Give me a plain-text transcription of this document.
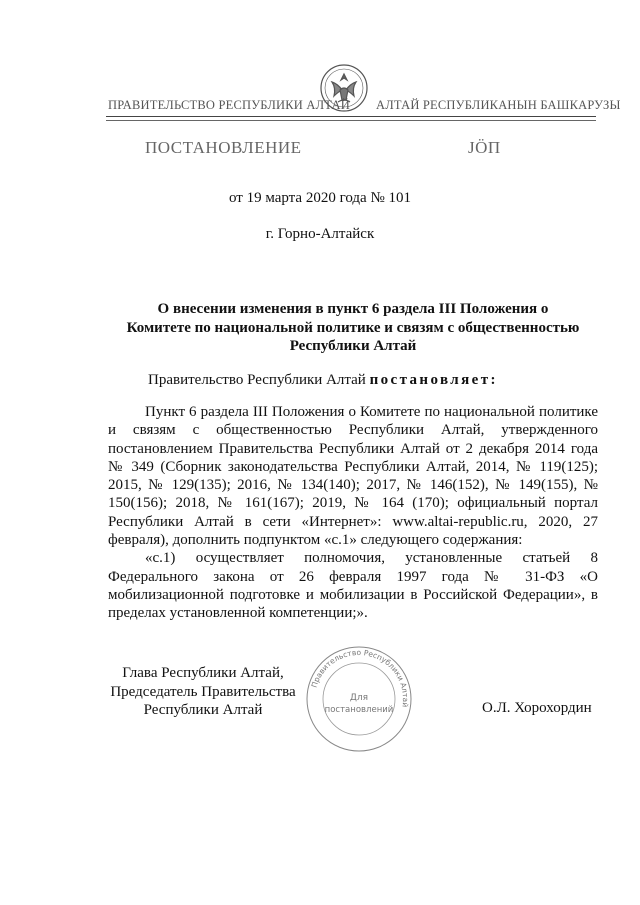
ПРАВИТЕЛЬСТВО РЕСПУБЛИКИ АЛТАЙ АЛТАЙ РЕСПУБЛИКАНЫН БАШКАРУЗЫ
ПОСТАНОВЛЕНИЕ	JÖП
от 19 марта 2020 года № 101
г. Горно-Алтайск
О внесении изменения в пункт 6 раздела III Положения о
Комитете по национальной политике и связям с общественностью
Республики Алтай
Правительство Республики Алтай постановляет:

Пункт 6 раздела III Положения о Комитете по национальной политике и связям с общественностью Республики Алтай, утвержденного постановлением Правительства Республики Алтай от 2 декабря 2014 года № 349 (Сборник законодательства Республики Алтай, 2014, № 119(125); 2015, № 129(135); 2016, № 134(140); 2017, № 146(152), № 149(155), № 150(156); 2018, № 161(167); 2019, № 164 (170); официальный портал Республики Алтай в сети «Интернет»: www.altai-republic.ru, 2020, 27 февраля), дополнить подпунктом «с.1» следующего содержания:

«с.1) осуществляет полномочия, установленные статьей 8 Федерального закона от 26 февраля 1997 года № 31-ФЗ «О мобилизационной подготовке и мобилизации в Российской Федерации», в пределах установленной компетенции;».

Глава Республики Алтай,
Председатель Правительства
Республики Алтай
Правительство Республики Алтай
Для
постановлений	О.Л. Хорохордин
